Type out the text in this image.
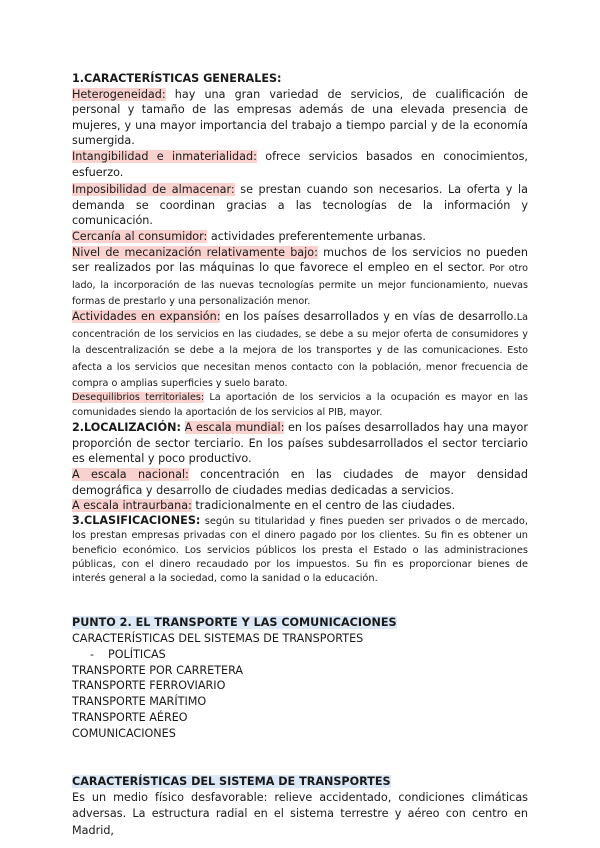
1.CARACTERÍSTICAS GENERALES:

Heterogeneidad: hay una gran variedad de servicios, de cualificación de personal y tamaño de las empresas además de una elevada presencia de mujeres, y una mayor importancia del trabajo a tiempo parcial y de la economía sumergida.

Intangibilidad e inmaterialidad: ofrece servicios basados en conocimientos, esfuerzo.

Imposibilidad de almacenar: se prestan cuando son necesarios. La oferta y la demanda se coordinan gracias a las tecnologías de la información y comunicación.

Cercanía al consumidor: actividades preferentemente urbanas.

Nivel de mecanización relativamente bajo: muchos de los servicios no pueden ser realizados por las máquinas lo que favorece el empleo en el sector. Por otro lado, la incorporación de las nuevas tecnologías permite un mejor funcionamiento, nuevas formas de prestarlo y una personalización menor.

Actividades en expansión: en los países desarrollados y en vías de desarrollo.La concentración de los servicios en las ciudades, se debe a su mejor oferta de consumidores y la descentralización se debe a la mejora de los transportes y de las comunicaciones. Esto afecta a los servicios que necesitan menos contacto con la población, menor frecuencia de compra o amplias superficies y suelo barato.

Desequilibrios territoriales: La aportación de los servicios a la ocupación es mayor en las comunidades siendo la aportación de los servicios al PIB, mayor.

2.LOCALIZACIÓN: A escala mundial: en los países desarrollados hay una mayor proporción de sector terciario. En los países subdesarrollados el sector terciario es elemental y poco productivo.

A escala nacional: concentración en las ciudades de mayor densidad demográfica y desarrollo de ciudades medias dedicadas a servicios.

A escala intraurbana: tradicionalmente en el centro de las ciudades.

3.CLASIFICACIONES: según su titularidad y fines pueden ser privados o de mercado, los prestan empresas privadas con el dinero pagado por los clientes. Su fin es obtener un beneficio económico. Los servicios públicos los presta el Estado o las administraciones públicas, con el dinero recaudado por los impuestos. Su fin es proporcionar bienes de interés general a la sociedad, como la sanidad o la educación.

PUNTO 2. EL TRANSPORTE Y LAS COMUNICACIONES

CARACTERÍSTICAS DEL SISTEMAS DE TRANSPORTES

- POLÍTICAS

TRANSPORTE POR CARRETERA

TRANSPORTE FERROVIARIO

TRANSPORTE MARÍTIMO

TRANSPORTE AÉREO

COMUNICACIONES

CARACTERÍSTICAS DEL SISTEMA DE TRANSPORTES

Es un medio físico desfavorable: relieve accidentado, condiciones climáticas adversas. La estructura radial en el sistema terrestre y aéreo con centro en Madrid,
